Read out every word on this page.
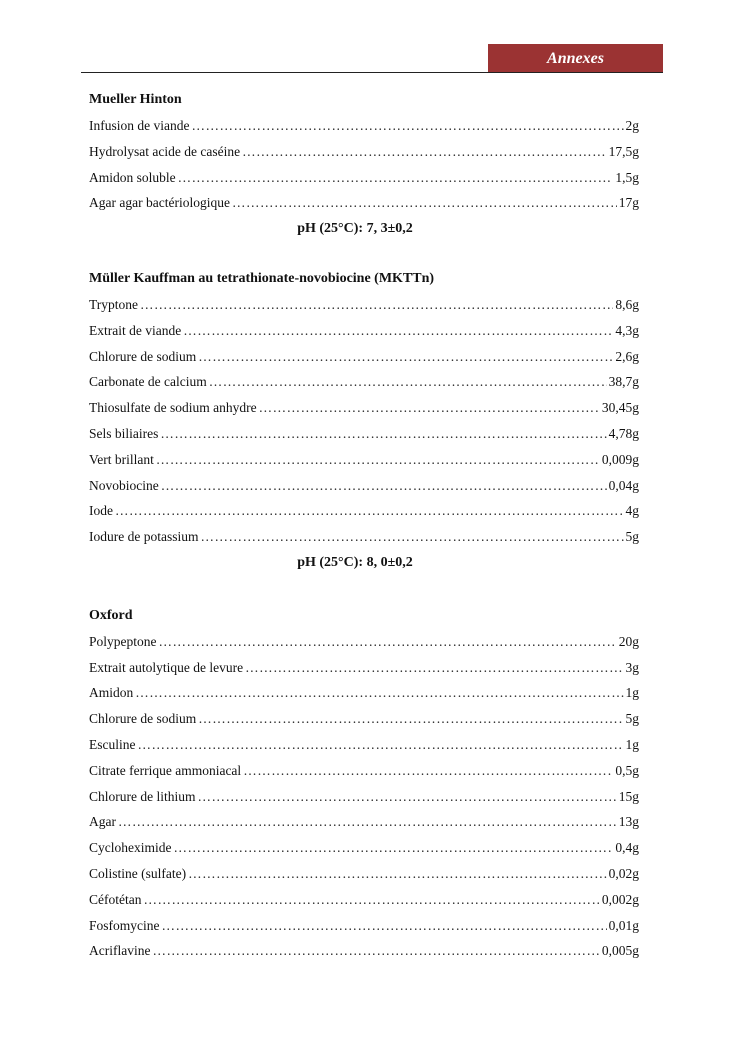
Annexes
Mueller Hinton
Infusion de viande ………………………………………………………………………………………………………………………………………………………	2g
Hydrolysat acide de caséine ………………………………………………………………………………………………………………………………………………………	17,5g
Amidon soluble ………………………………………………………………………………………………………………………………………………………	1,5g
Agar agar bactériologique ………………………………………………………………………………………………………………………………………………………	17g
pH (25°C): 7, 3±0,2
Müller Kauffman au tetrathionate-novobiocine (MKTTn)
Tryptone ………………………………………………………………………………………………………………………………………………………	8,6g
Extrait de viande ………………………………………………………………………………………………………………………………………………………	4,3g
Chlorure de sodium ………………………………………………………………………………………………………………………………………………………	2,6g
Carbonate de calcium ………………………………………………………………………………………………………………………………………………………	38,7g
Thiosulfate de sodium anhydre ………………………………………………………………………………………………………………………………………………………	30,45g
Sels biliaires ………………………………………………………………………………………………………………………………………………………	4,78g
Vert brillant ………………………………………………………………………………………………………………………………………………………	0,009g
Novobiocine ………………………………………………………………………………………………………………………………………………………	0,04g
Iode ………………………………………………………………………………………………………………………………………………………	4g
Iodure de potassium ………………………………………………………………………………………………………………………………………………………	5g
pH (25°C): 8, 0±0,2
Oxford
Polypeptone ………………………………………………………………………………………………………………………………………………………	20g
Extrait autolytique de levure ………………………………………………………………………………………………………………………………………………………	3g
Amidon ………………………………………………………………………………………………………………………………………………………	1g
Chlorure de sodium ………………………………………………………………………………………………………………………………………………………	5g
Esculine ………………………………………………………………………………………………………………………………………………………	1g
Citrate ferrique ammoniacal ………………………………………………………………………………………………………………………………………………………	0,5g
Chlorure de lithium ………………………………………………………………………………………………………………………………………………………	15g
Agar ………………………………………………………………………………………………………………………………………………………	13g
Cycloheximide ………………………………………………………………………………………………………………………………………………………	0,4g
Colistine (sulfate) ………………………………………………………………………………………………………………………………………………………	0,02g
Céfotétan ………………………………………………………………………………………………………………………………………………………	0,002g
Fosfomycine ………………………………………………………………………………………………………………………………………………………	0,01g
Acriflavine ………………………………………………………………………………………………………………………………………………………	0,005g
